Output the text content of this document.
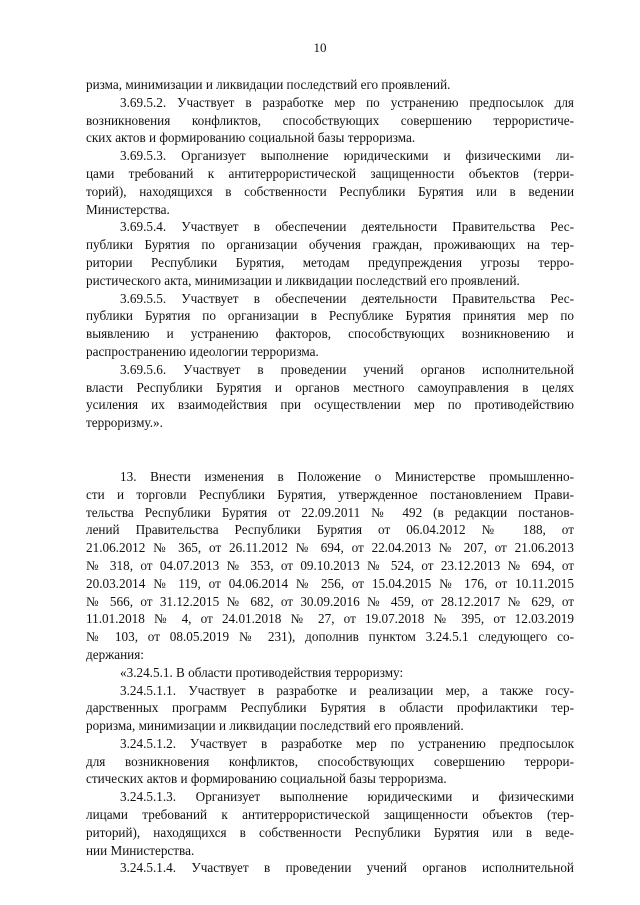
10
ризма, минимизации и ликвидации последствий его проявлений.
3.69.5.2. Участвует в разработке мер по устранению предпосылок для
возникновения конфликтов, способствующих совершению террористиче-
ских актов и формированию социальной базы терроризма.
3.69.5.3. Организует выполнение юридическими и физическими ли-
цами требований к антитеррористической защищенности объектов (терри-
торий), находящихся в собственности Республики Бурятия или в ведении
Министерства.
3.69.5.4. Участвует в обеспечении деятельности Правительства Рес-
публики Бурятия по организации обучения граждан, проживающих на тер-
ритории Республики Бурятия, методам предупреждения угрозы терро-
ристического акта, минимизации и ликвидации последствий его проявлений.
3.69.5.5. Участвует в обеспечении деятельности Правительства Рес-
публики Бурятия по организации в Республике Бурятия принятия мер по
выявлению и устранению факторов, способствующих возникновению и
распространению идеологии терроризма.
3.69.5.6. Участвует в проведении учений органов исполнительной
власти Республики Бурятия и органов местного самоуправления в целях
усиления их взаимодействия при осуществлении мер по противодействию
терроризму.».
13. Внести изменения в Положение о Министерстве промышленно-
сти и торговли Республики Бурятия, утвержденное постановлением Прави-
тельства Республики Бурятия от 22.09.2011 № 492 (в редакции постанов-
лений Правительства Республики Бурятия от 06.04.2012 № 188, от
21.06.2012 № 365, от 26.11.2012 № 694, от 22.04.2013 № 207, от 21.06.2013
№ 318, от 04.07.2013 № 353, от 09.10.2013 № 524, от 23.12.2013 № 694, от
20.03.2014 № 119, от 04.06.2014 № 256, от 15.04.2015 № 176, от 10.11.2015
№ 566, от 31.12.2015 № 682, от 30.09.2016 № 459, от 28.12.2017 № 629, от
11.01.2018 № 4, от 24.01.2018 № 27, от 19.07.2018 № 395, от 12.03.2019
№ 103, от 08.05.2019 № 231), дополнив пунктом 3.24.5.1 следующего со-
держания:
«3.24.5.1. В области противодействия терроризму:
3.24.5.1.1. Участвует в разработке и реализации мер, а также госу-
дарственных программ Республики Бурятия в области профилактики тер-
роризма, минимизации и ликвидации последствий его проявлений.
3.24.5.1.2. Участвует в разработке мер по устранению предпосылок
для возникновения конфликтов, способствующих совершению террори-
стических актов и формированию социальной базы терроризма.
3.24.5.1.3. Организует выполнение юридическими и физическими
лицами требований к антитеррористической защищенности объектов (тер-
риторий), находящихся в собственности Республики Бурятия или в веде-
нии Министерства.
3.24.5.1.4. Участвует в проведении учений органов исполнительной
